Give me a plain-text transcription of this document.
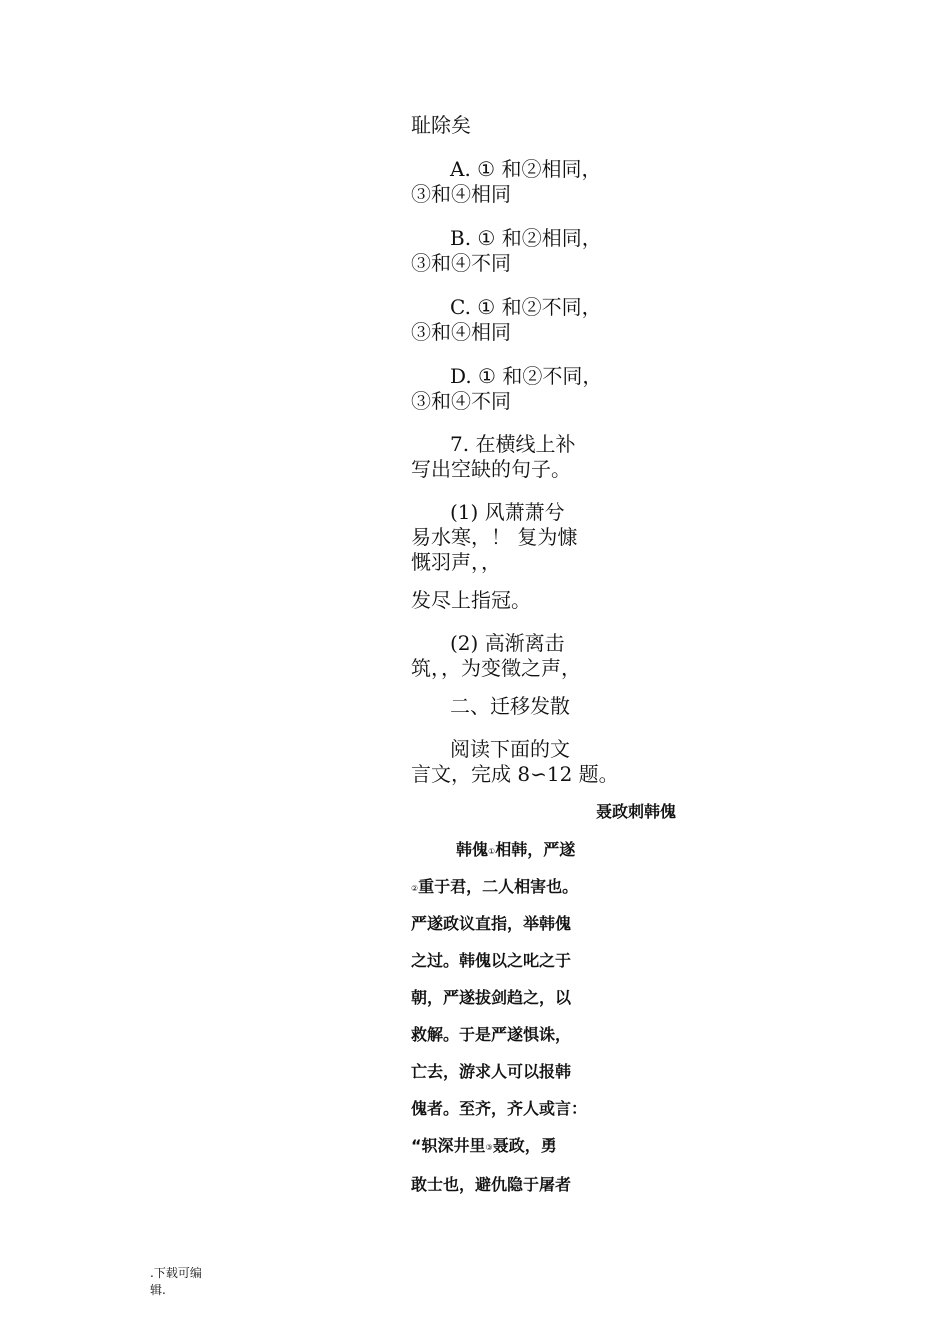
耻除矣

A. ① 和②相同，

③和④相同

B. ① 和②相同，

③和④不同

C. ① 和②不同，

③和④相同

D. ① 和②不同，

③和④不同

7. 在横线上补

写出空缺的句子。

(1) 风萧萧兮

易水寒，！ 复为慷

慨羽声，，

发尽上指冠。

(2) 高渐离击

筑，，为变徵之声，

二、迁移发散

阅读下面的文

言文，完成 8∽12 题。

聂政刺韩傀

韩傀①相韩，严遂

②重于君，二人相害也。

严遂政议直指，举韩傀

之过。韩傀以之叱之于

朝，严遂拔剑趋之，以

救解。于是严遂惧诛，

亡去，游求人可以报韩

傀者。至齐，齐人或言：

“轵深井里③聂政，勇

敢士也，避仇隐于屠者

.下载可编
辑.
